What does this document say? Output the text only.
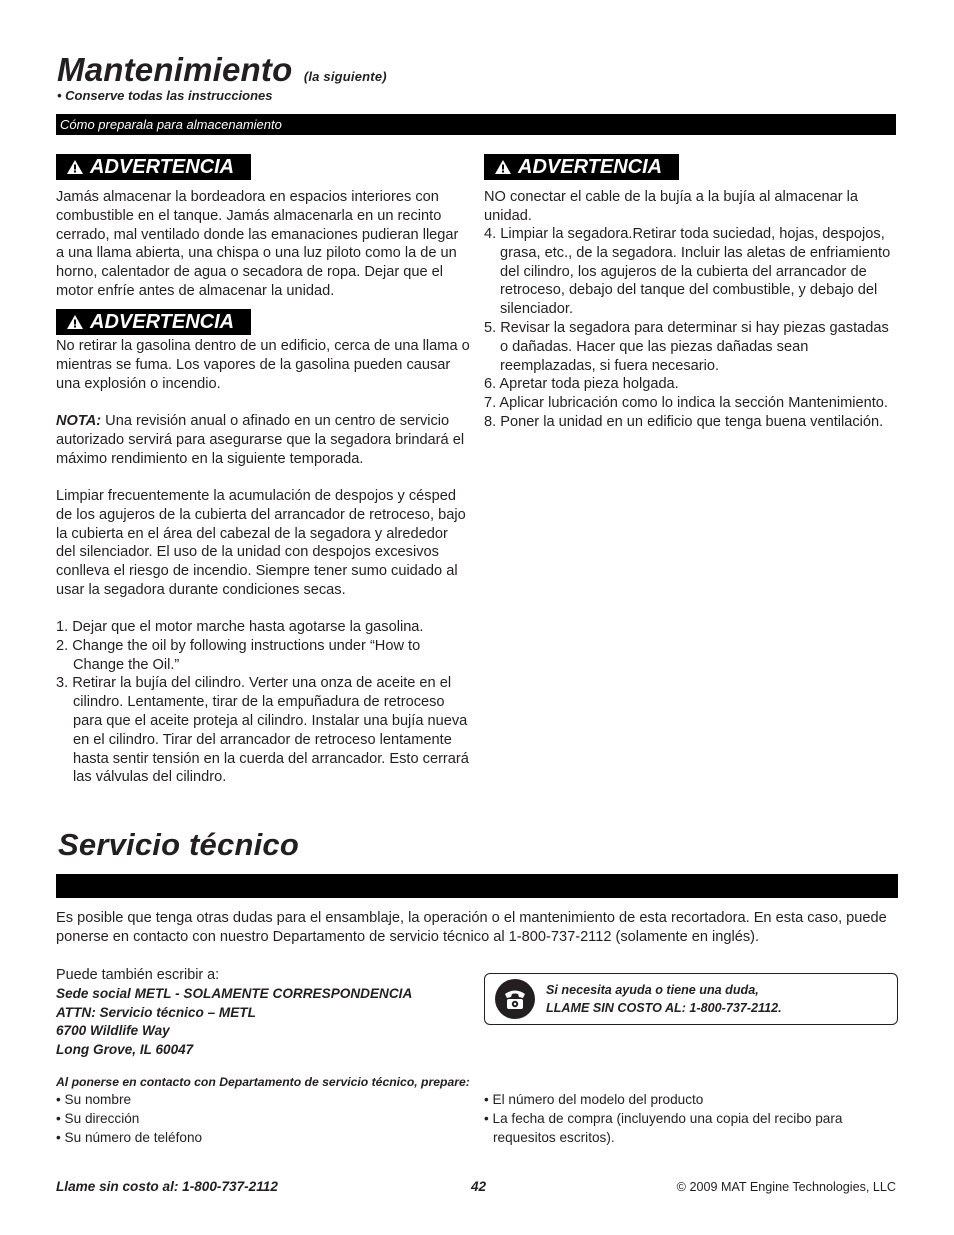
Mantenimiento (la siguiente)
• Conserve todas las instrucciones
Cómo preparala para almacenamiento
ADVERTENCIA
Jamás almacenar la bordeadora en espacios interiores con combustible en el tanque. Jamás almacenarla en un recinto cerrado, mal ventilado donde las emanaciones pudieran llegar a una llama abierta, una chispa o una luz piloto como la de un horno, calentador de agua o secadora de ropa. Dejar que el motor enfríe antes de almacenar la unidad.
ADVERTENCIA
No retirar la gasolina dentro de un edificio, cerca de una llama o mientras se fuma. Los vapores de la gasolina pueden causar una explosión o incendio.
NOTA: Una revisión anual o afinado en un centro de servicio autorizado servirá para asegurarse que la segadora brindará el máximo rendimiento en la siguiente temporada.
Limpiar frecuentemente la acumulación de despojos y césped de los agujeros de la cubierta del arrancador de retroceso, bajo la cubierta en el área del cabezal de la segadora y alrededor del silenciador. El uso de la unidad con despojos excesivos conlleva el riesgo de incendio. Siempre tener sumo cuidado al usar la segadora durante condiciones secas.

1. Dejar que el motor marche hasta agotarse la gasolina.

2. Change the oil by following instructions under “How to Change the Oil.”

3. Retirar la bujía del cilindro. Verter una onza de aceite en el cilindro. Lentamente, tirar de la empuñadura de retroceso para que el aceite proteja al cilindro. Instalar una bujía nueva en el cilindro. Tirar del arrancador de retroceso lentamente hasta sentir tensión en la cuerda del arrancador. Esto cerrará las válvulas del cilindro.

ADVERTENCIA
NO conectar el cable de la bujía a la bujía al almacenar la unidad.

4. Limpiar la segadora.Retirar toda suciedad, hojas, despojos, grasa, etc., de la segadora. Incluir las aletas de enfriamiento del cilindro, los agujeros de la cubierta del arrancador de retroceso, debajo del tanque del combustible, y debajo del silenciador.

5. Revisar la segadora para determinar si hay piezas gastadas o dañadas. Hacer que las piezas dañadas sean reemplazadas, si fuera necesario.

6. Apretar toda pieza holgada.

7. Aplicar lubricación como lo indica la sección Mantenimiento.

8. Poner la unidad en un edificio que tenga buena ventilación.

Servicio técnico
Es posible que tenga otras dudas para el ensamblaje, la operación o el mantenimiento de esta recortadora. En esta caso, puede ponerse en contacto con nuestro Departamento de servicio técnico al 1-800-737-2112 (solamente en inglés).

Puede también escribir a:

Sede social METL - SOLAMENTE CORRESPONDENCIA

ATTN: Servicio técnico – METL

6700 Wildlife Way

Long Grove, IL 60047

Si necesita ayuda o tiene una duda,

LLAME SIN COSTO AL: 1-800-737-2112.

Al ponerse en contacto con Departamento de servicio técnico, prepare:

• Su nombre

• Su dirección

• Su número de teléfono

• El número del modelo del producto

• La fecha de compra (incluyendo una copia del recibo para requesitos escritos).

Llame sin costo al: 1-800-737-2112	42	© 2009 MAT Engine Technologies, LLC
